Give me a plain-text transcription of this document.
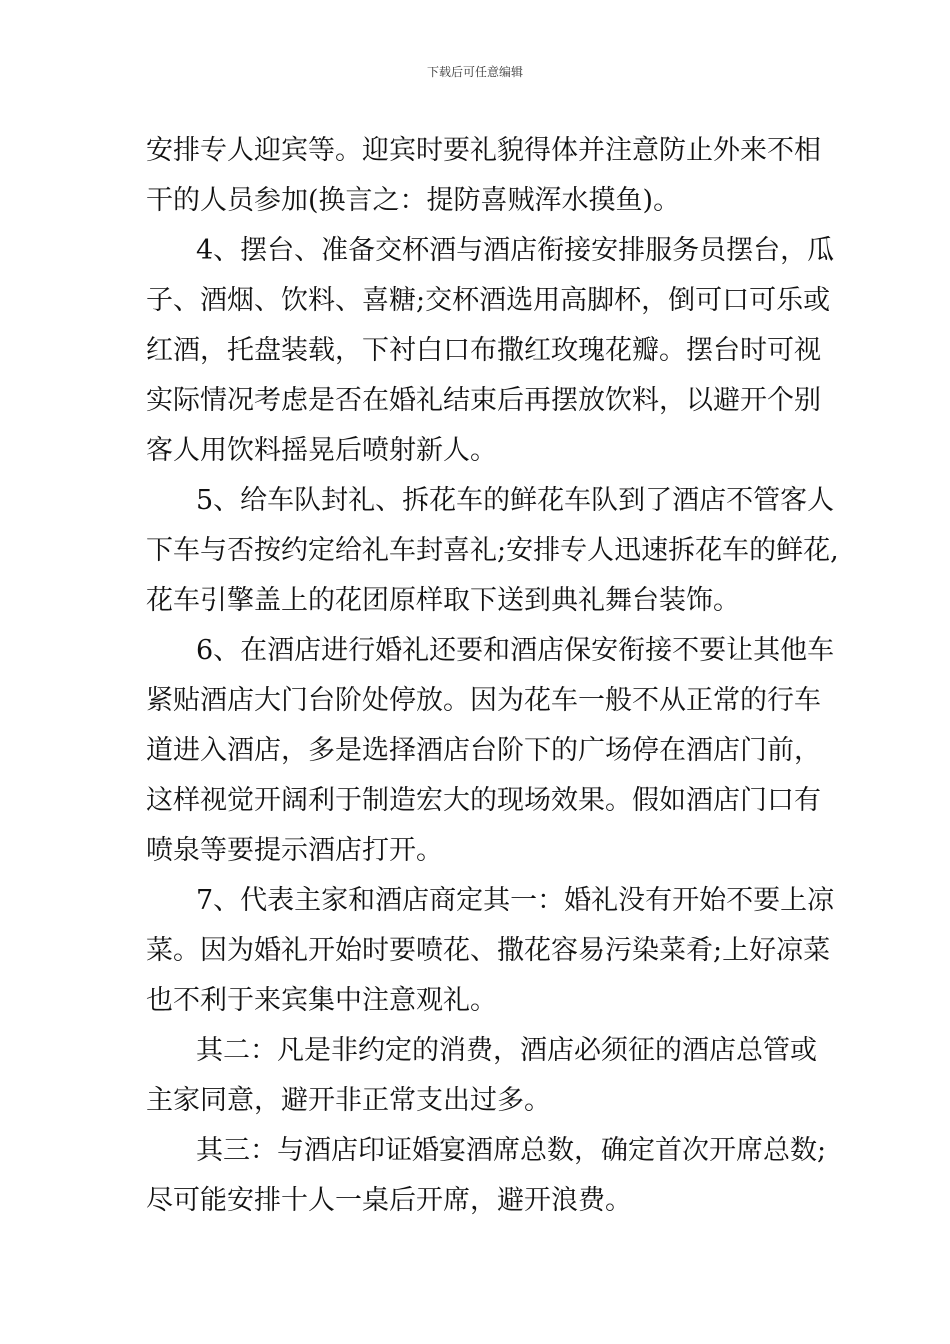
下载后可任意编辑
安排专人迎宾等。迎宾时要礼貌得体并注意防止外来不相
干的人员参加(换言之：提防喜贼浑水摸鱼)。
4、摆台、准备交杯酒与酒店衔接安排服务员摆台，瓜
子、酒烟、饮料、喜糖;交杯酒选用高脚杯，倒可口可乐或
红酒，托盘装载，下衬白口布撒红玫瑰花瓣。摆台时可视
实际情况考虑是否在婚礼结束后再摆放饮料，以避开个别
客人用饮料摇晃后喷射新人。
5、给车队封礼、拆花车的鲜花车队到了酒店不管客人
下车与否按约定给礼车封喜礼;安排专人迅速拆花车的鲜花,
花车引擎盖上的花团原样取下送到典礼舞台装饰。
6、在酒店进行婚礼还要和酒店保安衔接不要让其他车
紧贴酒店大门台阶处停放。因为花车一般不从正常的行车
道进入酒店，多是选择酒店台阶下的广场停在酒店门前，
这样视觉开阔利于制造宏大的现场效果。假如酒店门口有
喷泉等要提示酒店打开。
7、代表主家和酒店商定其一：婚礼没有开始不要上凉
菜。因为婚礼开始时要喷花、撒花容易污染菜肴;上好凉菜
也不利于来宾集中注意观礼。
其二：凡是非约定的消费，酒店必须征的酒店总管或
主家同意，避开非正常支出过多。
其三：与酒店印证婚宴酒席总数，确定首次开席总数;
尽可能安排十人一桌后开席，避开浪费。
